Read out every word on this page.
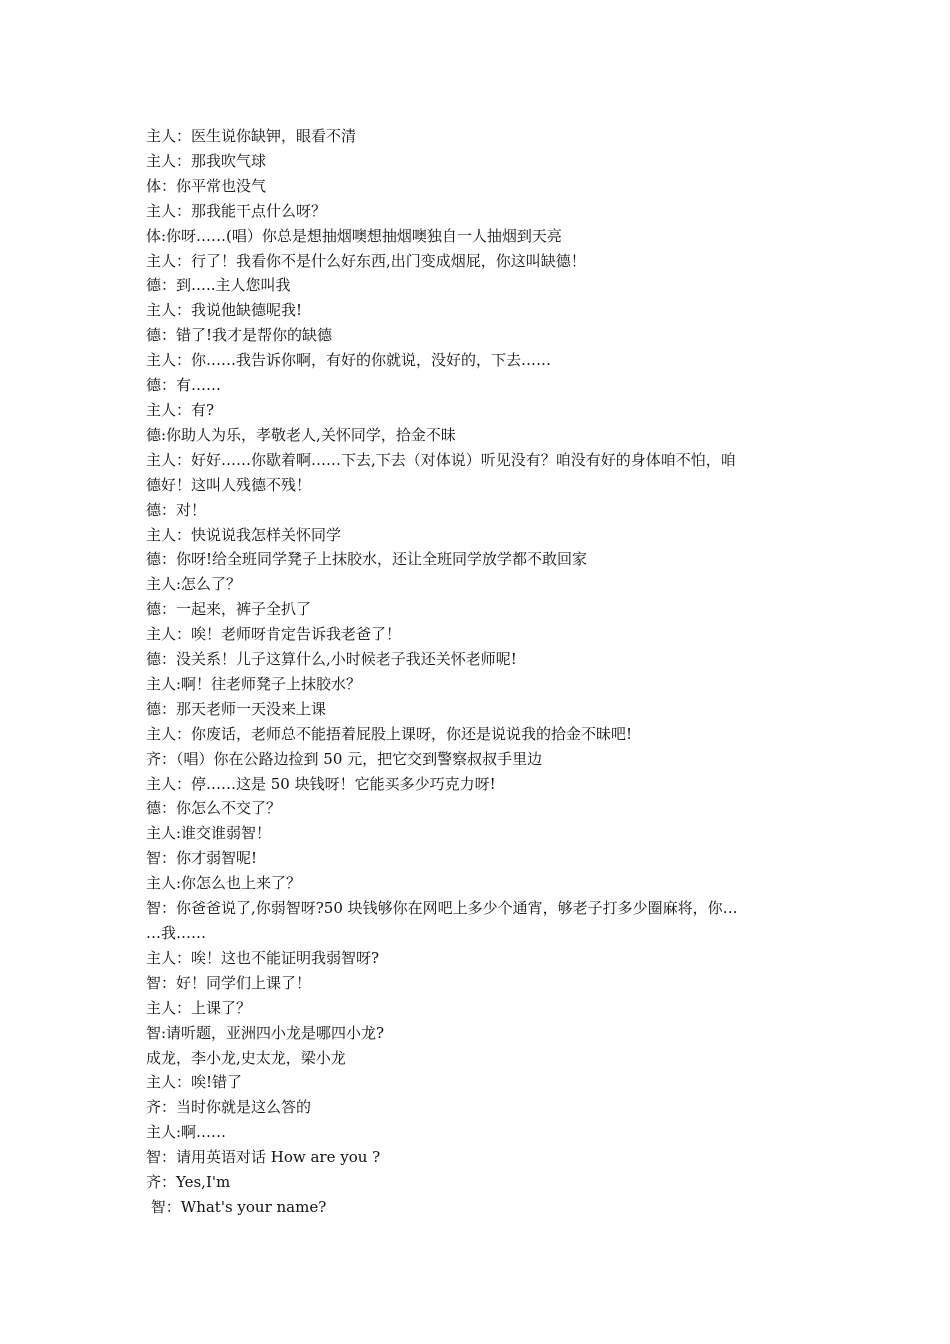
主人：医生说你缺钾，眼看不清

主人：那我吹气球

体：你平常也没气

主人：那我能干点什么呀？

体:你呀……(唱）你总是想抽烟噢想抽烟噢独自一人抽烟到天亮

主人：行了！我看你不是什么好东西,出门变成烟屁，你这叫缺德！

德：到…..主人您叫我

主人：我说他缺德呢我!

德：错了!我才是帮你的缺德

主人：你……我告诉你啊，有好的你就说，没好的，下去……

德：有……

主人：有?

德:你助人为乐，孝敬老人,关怀同学，拾金不昧

主人：好好……你歇着啊……下去,下去（对体说）听见没有？咱没有好的身体咱不怕，咱

德好！这叫人残德不残！

德：对！

主人：快说说我怎样关怀同学

德：你呀!给全班同学凳子上抹胶水，还让全班同学放学都不敢回家

主人:怎么了？

德：一起来，裤子全扒了

主人：唉！老师呀肯定告诉我老爸了！

德：没关系！儿子这算什么,小时候老子我还关怀老师呢!

主人:啊！往老师凳子上抹胶水？

德：那天老师一天没来上课

主人：你废话，老师总不能捂着屁股上课呀，你还是说说我的拾金不昧吧!

齐：（唱）你在公路边捡到 50 元，把它交到警察叔叔手里边

主人：停……这是 50 块钱呀！它能买多少巧克力呀!

德：你怎么不交了？

主人:谁交谁弱智！

智：你才弱智呢!

主人:你怎么也上来了？

智：你爸爸说了,你弱智呀?50 块钱够你在网吧上多少个通宵，够老子打多少圈麻将，你…

…我……

主人：唉！这也不能证明我弱智呀?

智：好！同学们上课了！

主人：上课了？

智:请听题，亚洲四小龙是哪四小龙?

成龙，李小龙,史太龙，梁小龙

主人：唉!错了

齐：当时你就是这么答的

主人:啊……

智：请用英语对话 How are you ?

齐：Yes,I'm

智：What's your name?
